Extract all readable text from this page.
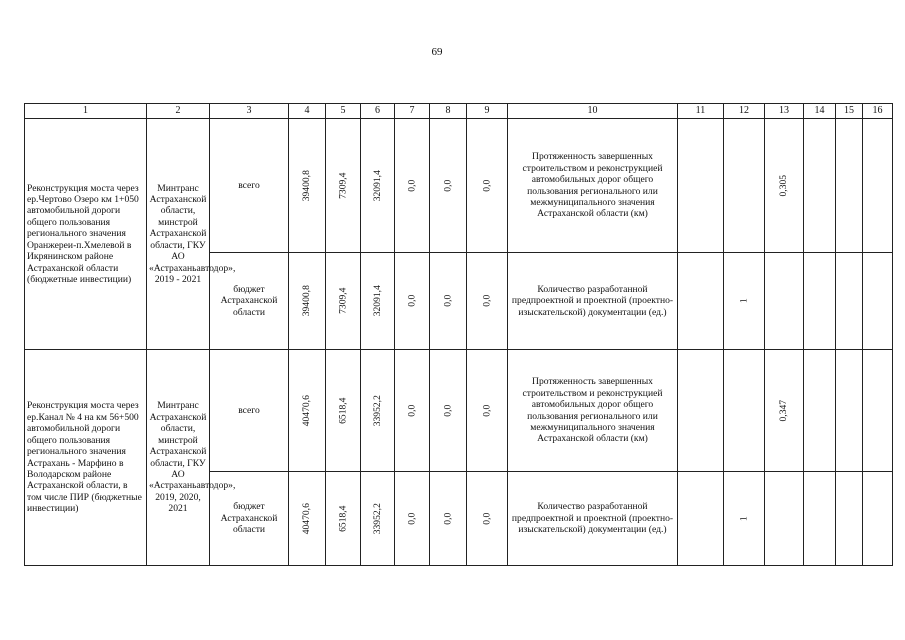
69
1	2	3	4	5	6	7	8	9	10	11	12	13	14	15	16
Реконструкция моста через ер.Чертово Озеро км 1+050 автомобильной дороги общего пользования регионального значения Оранжереи-п.Хмелевой в Икрянинском районе Астраханской области (бюджетные инвестиции)	Минтранс Астраханской области, минстрой Астраханской области, ГКУ АО «Астраханьавтодор», 2019 - 2021	всего	39400,8	7309,4	32091,4	0,0	0,0	0,0	Протяженность завершенных строительством и реконструкцией автомобильных дорог общего пользования регионального или межмуниципального значения Астраханской области (км)			0,305			
		бюджет Астраханской области	39400,8	7309,4	32091,4	0,0	0,0	0,0	Количество разработанной предпроектной и проектной (проектно-изыскательской) документации (ед.)		1				
Реконструкция моста через ер.Канал № 4 на км 56+500 автомобильной дороги общего пользования регионального значения Астрахань - Марфино в Володарском районе Астраханской области, в том числе ПИР (бюджетные инвестиции)	Минтранс Астраханской области, минстрой Астраханской области, ГКУ АО «Астраханьавтодор», 2019, 2020, 2021	всего	40470,6	6518,4	33952,2	0,0	0,0	0,0	Протяженность завершенных строительством и реконструкцией автомобильных дорог общего пользования регионального или межмуниципального значения Астраханской области (км)			0,347			
		бюджет Астраханской области	40470,6	6518,4	33952,2	0,0	0,0	0,0	Количество разработанной предпроектной и проектной (проектно-изыскательской) документации (ед.)		1				
